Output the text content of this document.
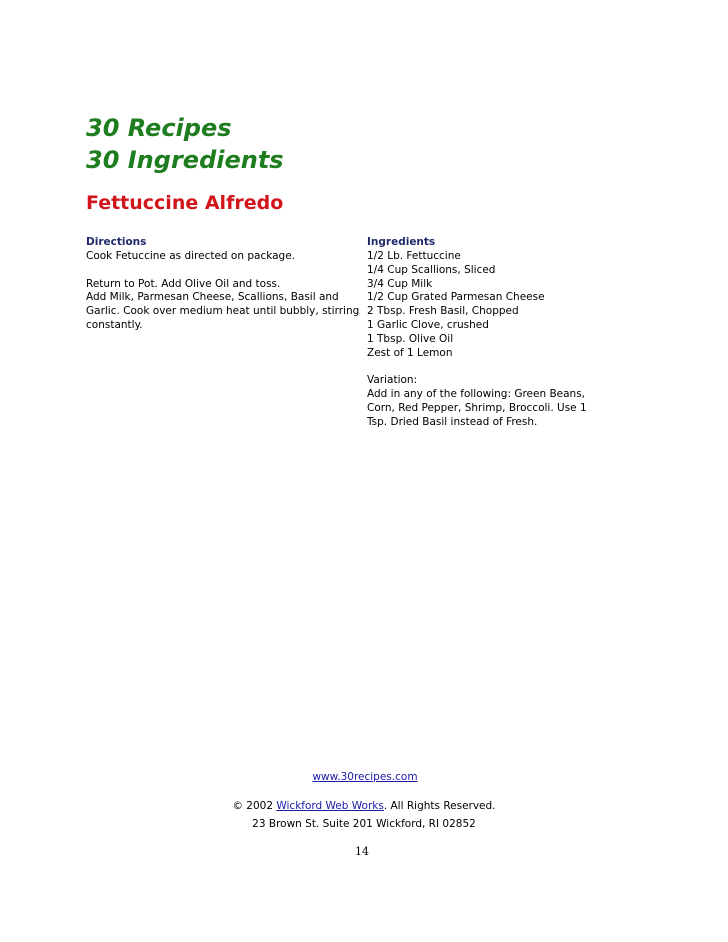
30 Recipes
30 Ingredients
Fettuccine Alfredo
Directions	Ingredients
Cook Fetuccine as directed on package.
Return to Pot. Add Olive Oil and toss.
Add Milk, Parmesan Cheese, Scallions, Basil and
Garlic. Cook over medium heat until bubbly, stirring
constantly.
1/2 Lb. Fettuccine
1/4 Cup Scallions, Sliced
3/4 Cup Milk
1/2 Cup Grated Parmesan Cheese
2 Tbsp. Fresh Basil, Chopped
1 Garlic Clove, crushed
1 Tbsp. Olive Oil
Zest of 1 Lemon
Variation:
Add in any of the following: Green Beans,
Corn, Red Pepper, Shrimp, Broccoli. Use 1
Tsp. Dried Basil instead of Fresh.
www.30recipes.com
© 2002 Wickford Web Works. All Rights Reserved.
23 Brown St. Suite 201 Wickford, RI 02852
14
